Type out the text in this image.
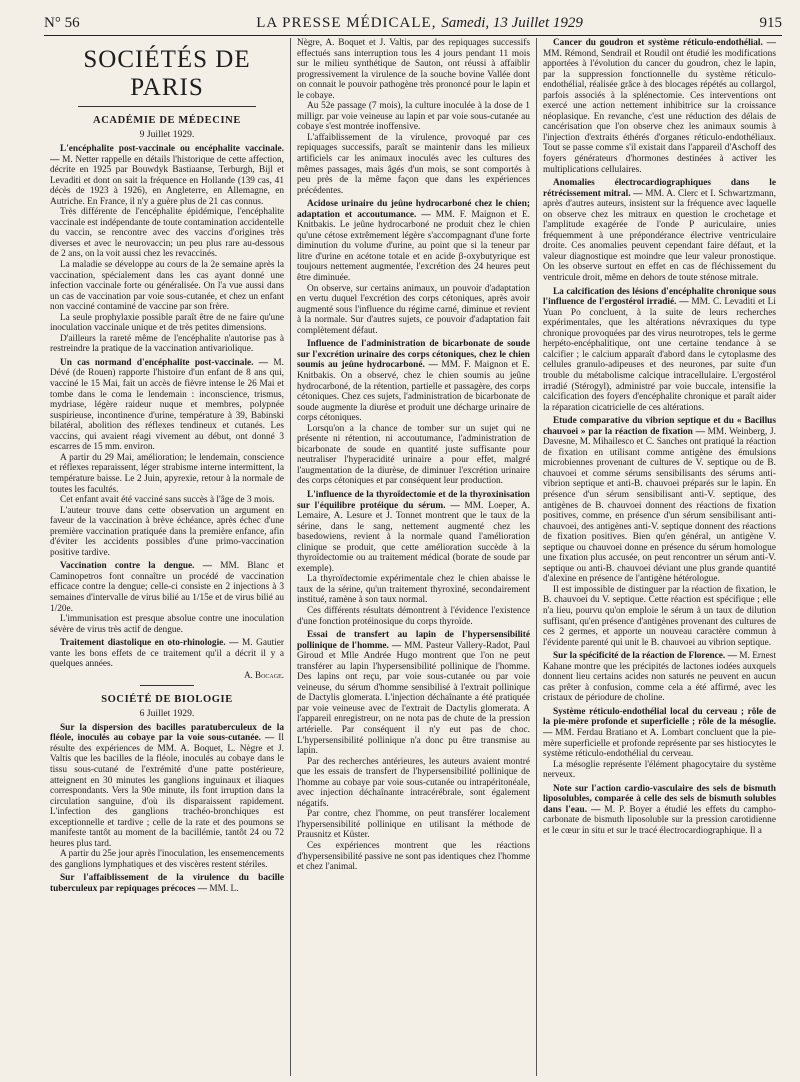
N° 56	LA PRESSE MÉDICALE, Samedi, 13 Juillet 1929	915
SOCIÉTÉS DE PARIS
ACADÉMIE DE MÉDECINE
9 Juillet 1929.

L'encéphalite post-vaccinale ou encéphalite vaccinale. — M. Netter rappelle en détails l'historique de cette affection, décrite en 1925 par Bouwdyk Bastiaanse, Terburgh, Bijl et Levaditi et dont on sait la fréquence en Hollande (139 cas, 41 décès de 1923 à 1926), en Angleterre, en Allemagne, en Autriche. En France, il n'y a guère plus de 21 cas connus.

Très différente de l'encéphalite épidémique, l'encéphalite vaccinale est indépendante de toute contamination accidentelle du vaccin, se rencontre avec des vaccins d'origines très diverses et avec le neurovaccin; un peu plus rare au-dessous de 2 ans, on la voit aussi chez les revaccinés.

La maladie se développe au cours de la 2e semaine après la vaccination, spécialement dans les cas ayant donné une infection vaccinale forte ou généralisée. On l'a vue aussi dans un cas de vaccination par voie sous-cutanée, et chez un enfant non vacciné contaminé de vaccine par son frère.

La seule prophylaxie possible paraît être de ne faire qu'une inoculation vaccinale unique et de très petites dimensions.

D'ailleurs la rareté même de l'encéphalite n'autorise pas à restreindre la pratique de la vaccination antivariolique.

Un cas normand d'encéphalite post-vaccinale. — M. Dévé (de Rouen) rapporte l'histoire d'un enfant de 8 ans qui, vacciné le 15 Mai, fait un accès de fièvre intense le 26 Mai et tombe dans le coma le lendemain : inconscience, trismus, mydriase, légère raideur nuque et membres, polypnée suspirieuse, incontinence d'urine, température à 39, Babinski bilatéral, abolition des réflexes tendineux et cutanés. Les vaccins, qui avaient réagi vivement au début, ont donné 3 escarres de 15 mm. environ.

A partir du 29 Mai, amélioration; le lendemain, conscience et réflexes reparaissent, léger strabisme interne intermittent, la température baisse. Le 2 Juin, apyrexie, retour à la normale de toutes les facultés.

Cet enfant avait été vacciné sans succès à l'âge de 3 mois.

L'auteur trouve dans cette observation un argument en faveur de la vaccination à brève échéance, après échec d'une première vaccination pratiquée dans la première enfance, afin d'éviter les accidents possibles d'une primo-vaccination positive tardive.

Vaccination contre la dengue. — MM. Blanc et Caminopetros font connaître un procédé de vaccination efficace contre la dengue; celle-ci consiste en 2 injections à 3 semaines d'intervalle de virus bilié au 1/15e et de virus bilié au 1/20e.

L'immunisation est presque absolue contre une inoculation sévère de virus très actif de dengue.

Traitement diastolique en oto-rhinologie. — M. Gautier vante les bons effets de ce traitement qu'il a décrit il y a quelques années.

A. Bocage.
SOCIÉTÉ DE BIOLOGIE
6 Juillet 1929.

Sur la dispersion des bacilles paratuberculeux de la fléole, inoculés au cobaye par la voie sous-cutanée. — Il résulte des expériences de MM. A. Boquet, L. Nègre et J. Valtis que les bacilles de la fléole, inoculés au cobaye dans le tissu sous-cutané de l'extrémité d'une patte postérieure, atteignent en 30 minutes les ganglions inguinaux et iliaques correspondants. Vers la 90e minute, ils font irruption dans la circulation sanguine, d'où ils disparaissent rapidement. L'infection des ganglions trachéo-bronchiques est exceptionnelle et tardive ; celle de la rate et des poumons se manifeste tantôt au moment de la bacillémie, tantôt 24 ou 72 heures plus tard.

A partir du 25e jour après l'inoculation, les ensemencements des ganglions lymphatiques et des viscères restent stériles.

Sur l'affaiblissement de la virulence du bacille tuberculeux par repiquages précoces — MM. L.

Nègre, A. Boquet et J. Valtis, par des repiquages successifs effectués sans interruption tous les 4 jours pendant 11 mois sur le milieu synthétique de Sauton, ont réussi à affaiblir progressivement la virulence de la souche bovine Vallée dont on connait le pouvoir pathogène très prononcé pour le lapin et le cobaye.

Au 52e passage (7 mois), la culture inoculée à la dose de 1 milligr. par voie veineuse au lapin et par voie sous-cutanée au cobaye s'est montrée inoffensive.

L'affaiblissement de la virulence, provoqué par ces repiquages successifs, paraît se maintenir dans les milieux artificiels car les animaux inoculés avec les cultures des mêmes passages, mais âgés d'un mois, se sont comportés à peu près de la même façon que dans les expériences précédentes.

Acidose urinaire du jeûne hydrocarboné chez le chien; adaptation et accoutumance. — MM. F. Maignon et E. Knitbakis. Le jeûne hydrocarboné ne produit chez le chien qu'une cétose extrêmement légère s'accompagnant d'une forte diminution du volume d'urine, au point que si la teneur par litre d'urine en acétone totale et en acide β-oxybutyrique est toujours nettement augmentée, l'excrétion des 24 heures peut être diminuée.

On observe, sur certains animaux, un pouvoir d'adaptation en vertu duquel l'excrétion des corps cétoniques, après avoir augmenté sous l'influence du régime carné, diminue et revient à la normale. Sur d'autres sujets, ce pouvoir d'adaptation fait complètement défaut.

Influence de l'administration de bicarbonate de soude sur l'excrétion urinaire des corps cétoniques, chez le chien soumis au jeûne hydrocarboné. — MM. F. Maignon et E. Knitbakis. On a observé, chez le chien soumis au jeûne hydrocarboné, de la rétention, partielle et passagère, des corps cétoniques. Chez ces sujets, l'administration de bicarbonate de soude augmente la diurèse et produit une décharge urinaire de corps cétoniques.

Lorsqu'on a la chance de tomber sur un sujet qui ne présente ni rétention, ni accoutumance, l'administration de bicarbonate de soude en quantité juste suffisante pour neutraliser l'hyperacidité urinaire a pour effet, malgré l'augmentation de la diurèse, de diminuer l'excrétion urinaire des corps cétoniques et par conséquent leur production.

L'influence de la thyroïdectomie et de la thyroxinisation sur l'équilibre protéique du sérum. — MM. Loeper, A. Lemaire, A. Lesure et J. Tonnet montrent que le taux de la sérine, dans le sang, nettement augmenté chez les basedowiens, revient à la normale quand l'amélioration clinique se produit, que cette amélioration succède à la thyroïdectomie ou au traitement médical (borate de soude par exemple).

La thyroïdectomie expérimentale chez le chien abaisse le taux de la sérine, qu'un traitement thyroxiné, secondairement institué, ramène à son taux normal.

Ces différents résultats démontrent à l'évidence l'existence d'une fonction protéinosique du corps thyroïde.

Essai de transfert au lapin de l'hypersensibilité pollinique de l'homme. — MM. Pasteur Vallery-Radot, Paul Giroud et Mlle Andrée Hugo montrent que l'on ne peut transférer au lapin l'hypersensibilité pollinique de l'homme. Des lapins ont reçu, par voie sous-cutanée ou par voie veineuse, du sérum d'homme sensibilisé à l'extrait pollinique de Dactylis glomerata. L'injection déchaînante a été pratiquée par voie veineuse avec de l'extrait de Dactylis glomerata. A l'appareil enregistreur, on ne nota pas de chute de la pression artérielle. Par conséquent il n'y eut pas de choc. L'hypersensibilité pollinique n'a donc pu être transmise au lapin.

Par des recherches antérieures, les auteurs avaient montré que les essais de transfert de l'hypersensibilité pollinique de l'homme au cobaye par voie sous-cutanée ou intrapéritonéale, avec injection déchaînante intracérébrale, sont également négatifs.

Par contre, chez l'homme, on peut transférer localement l'hypersensibilité pollinique en utilisant la méthode de Prausnitz et Küster.

Ces expériences montrent que les réactions d'hypersensibilité passive ne sont pas identiques chez l'homme et chez l'animal.

Cancer du goudron et système réticulo-endothélial. — MM. Rémond, Sendrail et Roudil ont étudié les modifications apportées à l'évolution du cancer du goudron, chez le lapin, par la suppression fonctionnelle du système réticulo-endothélial, réalisée grâce à des blocages répétés au collargol, parfois associés à la splénectomie. Ces interventions ont exercé une action nettement inhibitrice sur la croissance néoplasique. En revanche, c'est une réduction des délais de cancérisation que l'on observe chez les animaux soumis à l'injection d'extraits éthérés d'organes réticulo-endothéliaux. Tout se passe comme s'il existait dans l'appareil d'Aschoff des foyers générateurs d'hormones destinées à activer les multiplications cellulaires.

Anomalies électrocardiographiques dans le rétrécissement mitral. — MM. A. Clerc et I. Schwartzmann, après d'autres auteurs, insistent sur la fréquence avec laquelle on observe chez les mitraux en question le crochetage et l'amplitude exagérée de l'onde P auriculaire, unies fréquemment à une prépondérance électrive ventriculaire droite. Ces anomalies peuvent cependant faire défaut, et la valeur diagnostique est moindre que leur valeur pronostique. On les observe surtout en effet en cas de fléchissement du ventricule droit, même en dehors de toute sténose mitrale.

La calcification des lésions d'encéphalite chronique sous l'influence de l'ergostérol irradié. — MM. C. Levaditi et Li Yuan Po concluent, à la suite de leurs recherches expérimentales, que les altérations névraxiques du type chronique provoquées par des virus neurotropes, tels le germe herpéto-encéphalitique, ont une certaine tendance à se calcifier ; le calcium apparaît d'abord dans le cytoplasme des cellules granulo-adipeuses et des neurones, par suite d'un trouble du métabolisme calcique intracellulaire. L'ergostérol irradié (Stérogyl), administré par voie buccale, intensifie la calcification des foyers d'encéphalite chronique et paraît aider la réparation cicatricielle de ces altérations.

Etude comparative du vibrion septique et du « Bacillus chauvoei » par la réaction de fixation — MM. Weinberg, J. Davesne, M. Mihailesco et C. Sanches ont pratiqué la réaction de fixation en utilisant comme antigène des émulsions microbiennes provenant de cultures de V. septique ou de B. chauvoei et comme sérums sensibilisants des sérums anti-vibrion septique et anti-B. chauvoei préparés sur le lapin. En présence d'un sérum sensibilisant anti-V. septique, des antigènes de B. chauvoei donnent des réactions de fixation positives, comme, en présence d'un sérum sensibilisant anti-chauvoei, des antigènes anti-V. septique donnent des réactions de fixation positives. Bien qu'en général, un antigène V. septique ou chauvoei donne en présence du sérum homologue une fixation plus accusée, on peut rencontrer un sérum anti-V. septique ou anti-B. chauvoei déviant une plus grande quantité d'alexine en présence de l'antigène hétérologue.

Il est impossible de distinguer par la réaction de fixation, le B. chauvoei du V. septique. Cette réaction est spécifique ; elle n'a lieu, pourvu qu'on emploie le sérum à un taux de dilution suffisant, qu'en présence d'antigènes provenant des cultures de ces 2 germes, et apporte un nouveau caractère commun à l'évidente parenté qui unit le B. chauvoei au vibrion septique.

Sur la spécificité de la réaction de Florence. — M. Ernest Kahane montre que les précipités de lactones iodées auxquels donnent lieu certains acides non saturés ne peuvent en aucun cas prêter à confusion, comme cela a été affirmé, avec les cristaux de périodure de choline.

Système réticulo-endothélial local du cerveau ; rôle de la pie-mère profonde et superficielle ; rôle de la mésoglie. — MM. Ferdau Bratiano et A. Lombart concluent que la pie-mère superficielle et profonde représente par ses histiocytes le système réticulo-endothélial du cerveau.

La mésoglie représente l'élément phagocytaire du système nerveux.

Note sur l'action cardio-vasculaire des sels de bismuth liposolubles, comparée à celle des sels de bismuth solubles dans l'eau. — M. P. Boyer a étudié les effets du campho-carbonate de bismuth liposoluble sur la pression carotidienne et le cœur in situ et sur le tracé électrocardiographique. Il a
